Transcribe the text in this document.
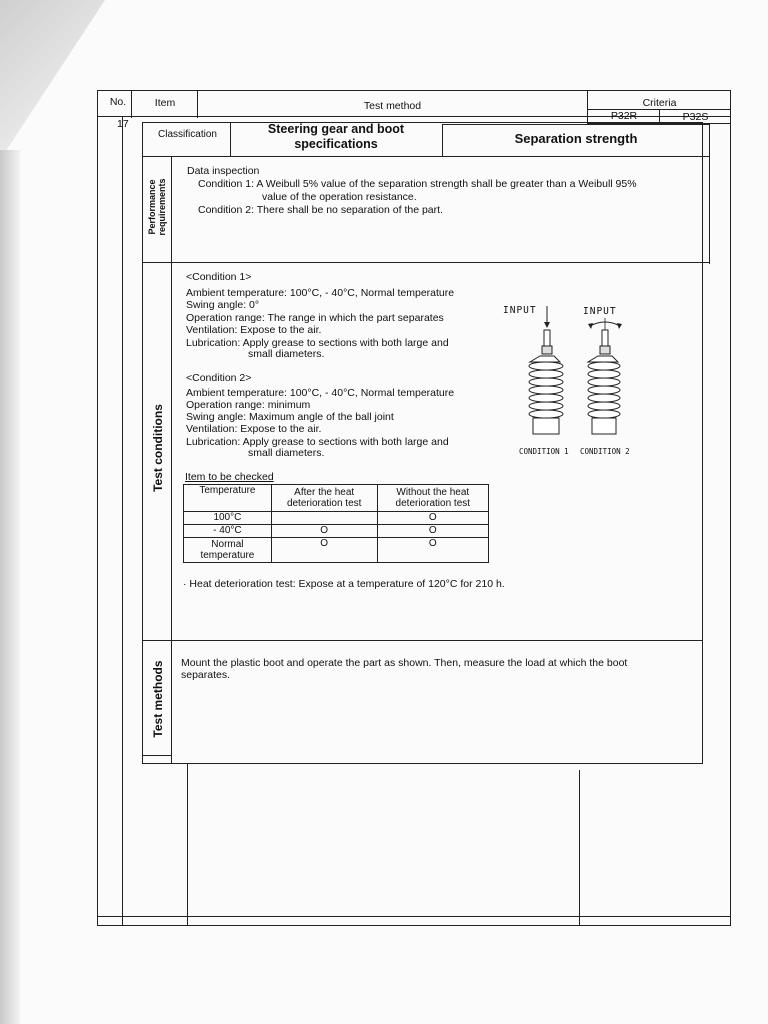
No.	Item	Test method	Criteria
P32R	P32S
17
Classification	Steering gear and boot specifications	Separation strength
Performance requirements
Data inspection
Condition 1: A Weibull 5% value of the separation strength shall be greater than a Weibull 95%
value of the operation resistance.
Condition 2: There shall be no separation of the part.
Test conditions
<Condition 1>
Ambient temperature: 100°C, - 40°C, Normal temperature
Swing angle: 0°
Operation range: The range in which the part separates
Ventilation: Expose to the air.
Lubrication: Apply grease to sections with both large and
small diameters.
<Condition 2>
Ambient temperature: 100°C, - 40°C, Normal temperature
Operation range: minimum
Swing angle: Maximum angle of the ball joint
Ventilation: Expose to the air.
Lubrication: Apply grease to sections with both large and
small diameters.
INPUT	INPUT
CONDITION 1 CONDITION 2
Item to be checked
Temperature	After the heat deterioration test	Without the heat deterioration test
100°C		O
- 40°C	O	O
Normal temperature	O	O
· Heat deterioration test: Expose at a temperature of 120°C for 210 h.
Test methods Mount the plastic boot and operate the part as shown. Then, measure the load at which the boot
separates.
